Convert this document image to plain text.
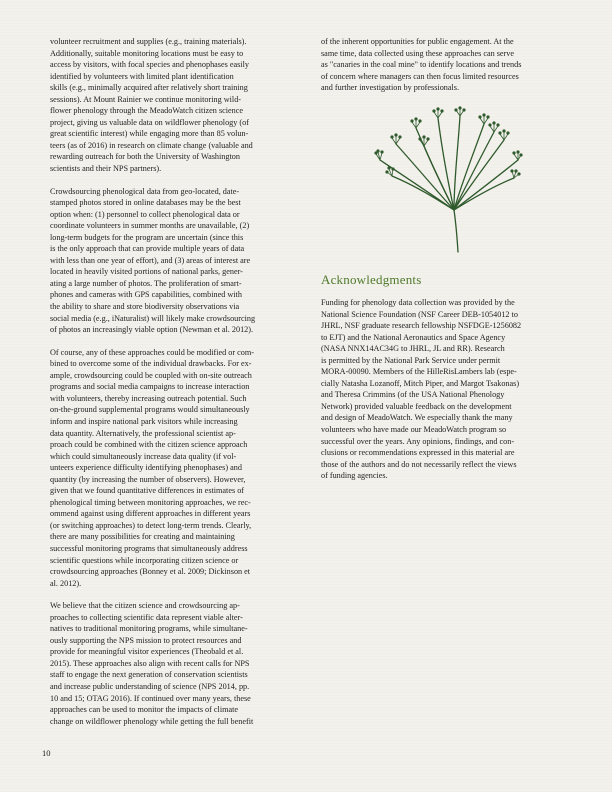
volunteer recruitment and supplies (e.g., training materials).
Additionally, suitable monitoring locations must be easy to
access by visitors, with focal species and phenophases easily
identified by volunteers with limited plant identification
skills (e.g., minimally acquired after relatively short training
sessions). At Mount Rainier we continue monitoring wild-
flower phenology through the MeadoWatch citizen science
project, giving us valuable data on wildflower phenology (of
great scientific interest) while engaging more than 85 volun-
teers (as of 2016) in research on climate change (valuable and
rewarding outreach for both the University of Washington
scientists and their NPS partners).
Crowdsourcing phenological data from geo-located, date-
stamped photos stored in online databases may be the best
option when: (1) personnel to collect phenological data or
coordinate volunteers in summer months are unavailable, (2)
long-term budgets for the program are uncertain (since this
is the only approach that can provide multiple years of data
with less than one year of effort), and (3) areas of interest are
located in heavily visited portions of national parks, gener-
ating a large number of photos. The proliferation of smart-
phones and cameras with GPS capabilities, combined with
the ability to share and store biodiversity observations via
social media (e.g., iNaturalist) will likely make crowdsourcing
of photos an increasingly viable option (Newman et al. 2012).
Of course, any of these approaches could be modified or com-
bined to overcome some of the individual drawbacks. For ex-
ample, crowdsourcing could be coupled with on-site outreach
programs and social media campaigns to increase interaction
with volunteers, thereby increasing outreach potential. Such
on-the-ground supplemental programs would simultaneously
inform and inspire national park visitors while increasing
data quantity. Alternatively, the professional scientist ap-
proach could be combined with the citizen science approach
which could simultaneously increase data quality (if vol-
unteers experience difficulty identifying phenophases) and
quantity (by increasing the number of observers). However,
given that we found quantitative differences in estimates of
phenological timing between monitoring approaches, we rec-
ommend against using different approaches in different years
(or switching approaches) to detect long-term trends. Clearly,
there are many possibilities for creating and maintaining
successful monitoring programs that simultaneously address
scientific questions while incorporating citizen science or
crowdsourcing approaches (Bonney et al. 2009; Dickinson et
al. 2012).
We believe that the citizen science and crowdsourcing ap-
proaches to collecting scientific data represent viable alter-
natives to traditional monitoring programs, while simultane-
ously supporting the NPS mission to protect resources and
provide for meaningful visitor experiences (Theobald et al.
2015). These approaches also align with recent calls for NPS
staff to engage the next generation of conservation scientists
and increase public understanding of science (NPS 2014, pp.
10 and 15; OTAG 2016). If continued over many years, these
approaches can be used to monitor the impacts of climate
change on wildflower phenology while getting the full benefit
of the inherent opportunities for public engagement. At the
same time, data collected using these approaches can serve
as "canaries in the coal mine" to identify locations and trends
of concern where managers can then focus limited resources
and further investigation by professionals.
Acknowledgments
Funding for phenology data collection was provided by the
National Science Foundation (NSF Career DEB-1054012 to
JHRL, NSF graduate research fellowship NSFDGE-1256082
to EJT) and the National Aeronautics and Space Agency
(NASA NNX14AC34G to JHRL, JL and RR). Research
is permitted by the National Park Service under permit
MORA-00090. Members of the HilleRisLambers lab (espe-
cially Natasha Lozanoff, Mitch Piper, and Margot Tsakonas)
and Theresa Crimmins (of the USA National Phenology
Network) provided valuable feedback on the development
and design of MeadoWatch. We especially thank the many
volunteers who have made our MeadoWatch program so
successful over the years. Any opinions, findings, and con-
clusions or recommendations expressed in this material are
those of the authors and do not necessarily reflect the views
of funding agencies.
10
